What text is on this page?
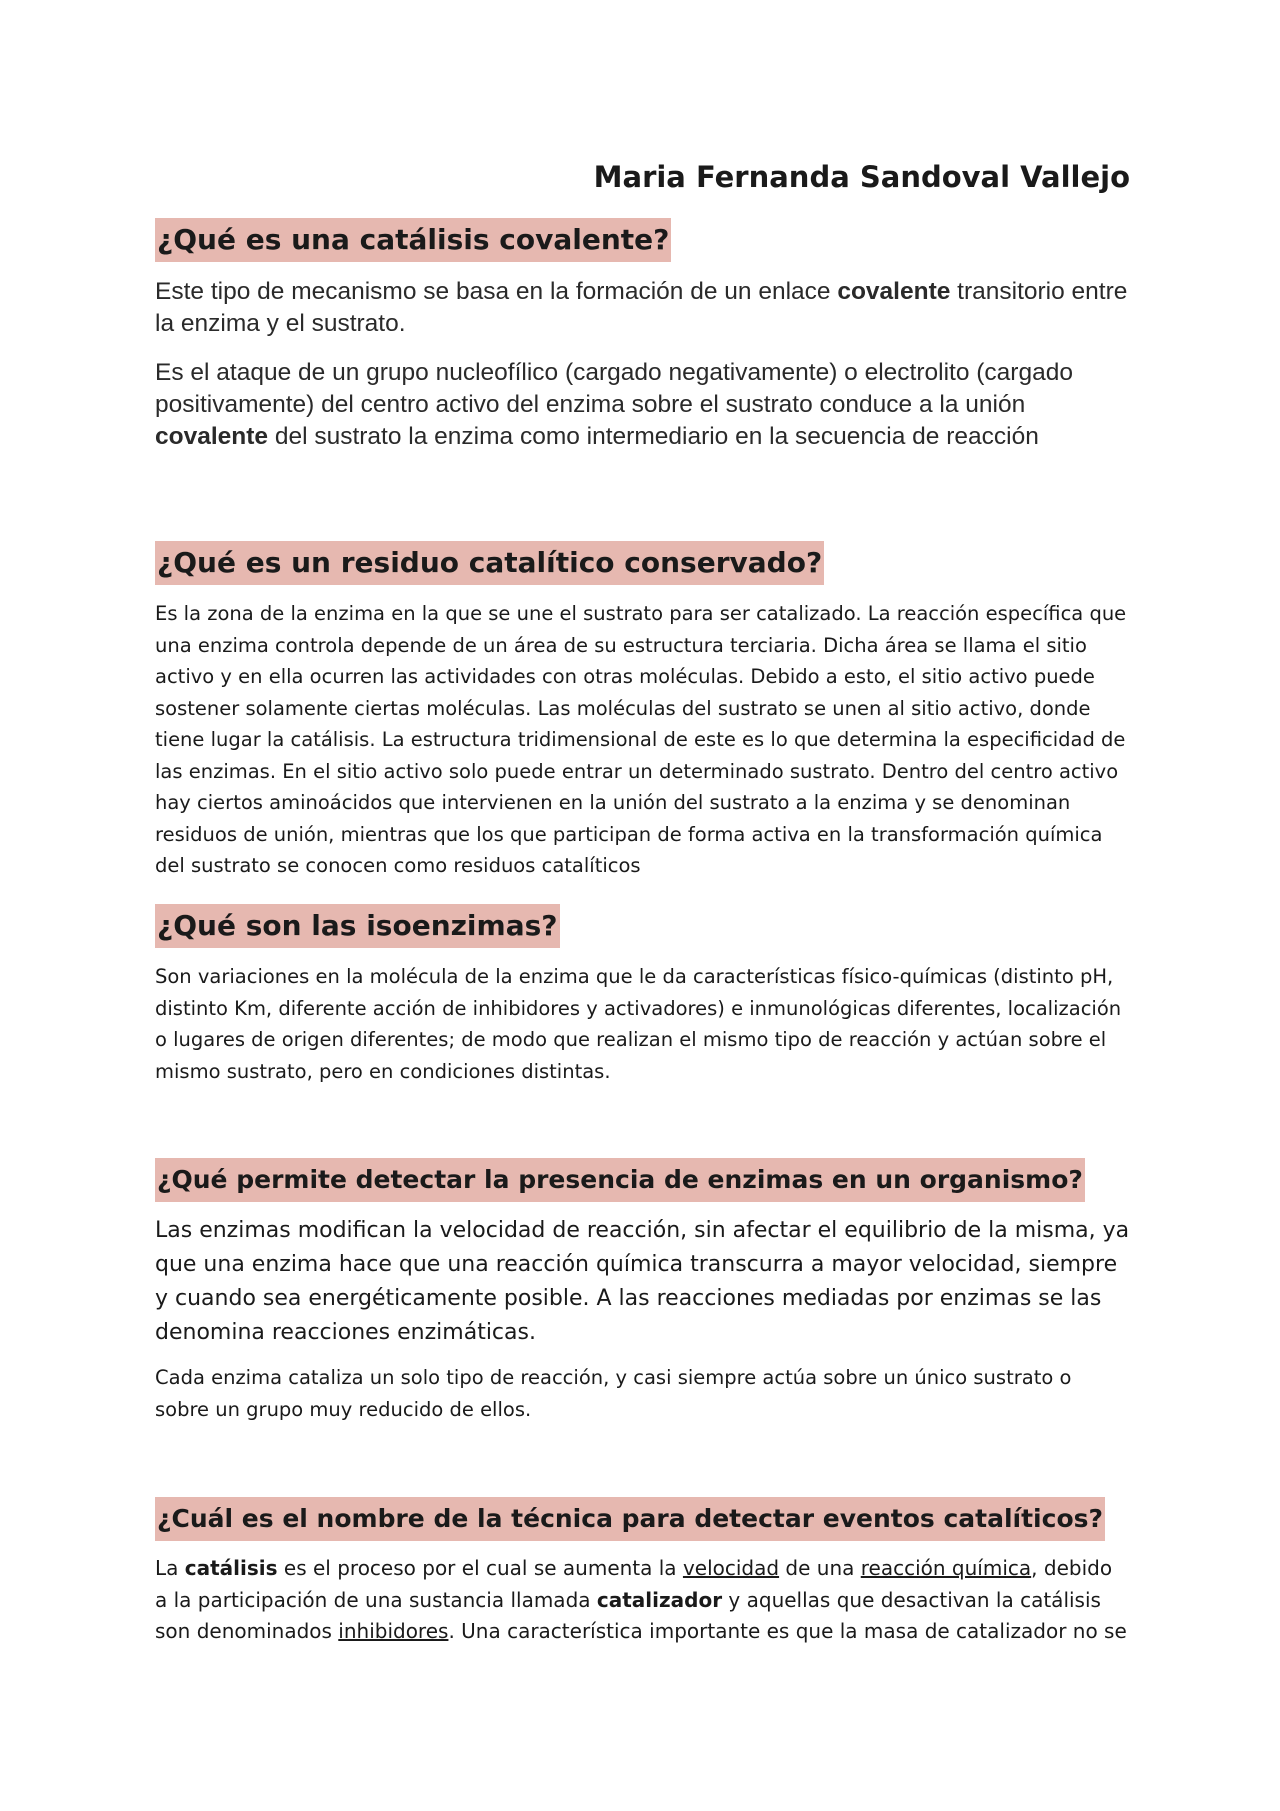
Maria Fernanda Sandoval Vallejo
¿Qué es una catálisis covalente?

Este tipo de mecanismo se basa en la formación de un enlace covalente transitorio entre la enzima y el sustrato.

Es el ataque de un grupo nucleofílico (cargado negativamente) o electrolito (cargado positivamente) del centro activo del enzima sobre el sustrato conduce a la unión covalente del sustrato la enzima como intermediario en la secuencia de reacción

¿Qué es un residuo catalítico conservado?

Es la zona de la enzima en la que se une el sustrato para ser catalizado. La reacción específica que una enzima controla depende de un área de su estructura terciaria. Dicha área se llama el sitio activo y en ella ocurren las actividades con otras moléculas. Debido a esto, el sitio activo puede sostener solamente ciertas moléculas. Las moléculas del sustrato se unen al sitio activo, donde tiene lugar la catálisis. La estructura tridimensional de este es lo que determina la especificidad de las enzimas. En el sitio activo solo puede entrar un determinado sustrato. Dentro del centro activo hay ciertos aminoácidos que intervienen en la unión del sustrato a la enzima y se denominan residuos de unión, mientras que los que participan de forma activa en la transformación química del sustrato se conocen como residuos catalíticos

¿Qué son las isoenzimas?

Son variaciones en la molécula de la enzima que le da características físico-químicas (distinto pH, distinto Km, diferente acción de inhibidores y activadores) e inmunológicas diferentes, localización o lugares de origen diferentes; de modo que realizan el mismo tipo de reacción y actúan sobre el mismo sustrato, pero en condiciones distintas.

¿Qué permite detectar la presencia de enzimas en un organismo?

Las enzimas modifican la velocidad de reacción, sin afectar el equilibrio de la misma, ya que una enzima hace que una reacción química transcurra a mayor velocidad, siempre y cuando sea energéticamente posible. A las reacciones mediadas por enzimas se las denomina reacciones enzimáticas.

Cada enzima cataliza un solo tipo de reacción, y casi siempre actúa sobre un único sustrato o sobre un grupo muy reducido de ellos.

¿Cuál es el nombre de la técnica para detectar eventos catalíticos?

La catálisis es el proceso por el cual se aumenta la velocidad de una reacción química, debido a la participación de una sustancia llamada catalizador y aquellas que desactivan la catálisis son denominados inhibidores. Una característica importante es que la masa de catalizador no se
